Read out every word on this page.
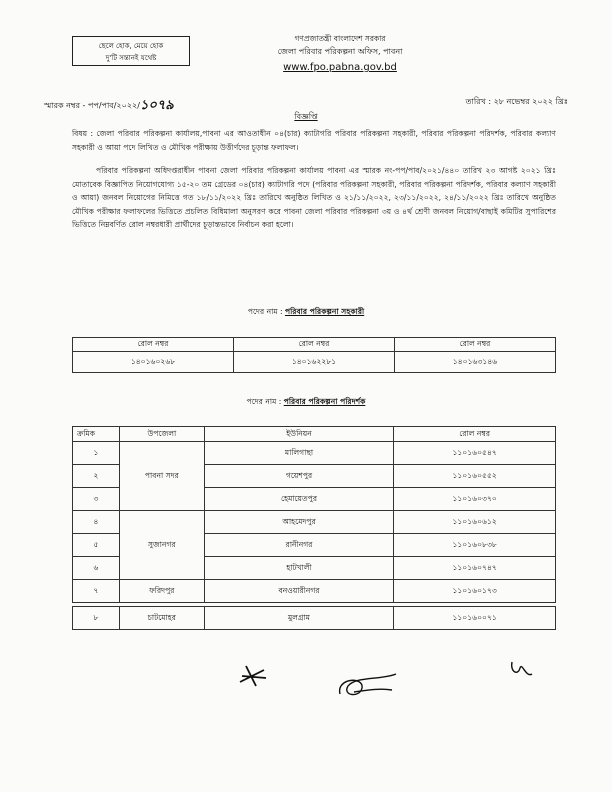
ছেলে হোক, মেয়ে হোক
দু'টি সন্তানই যথেষ্ট
গণপ্রজাতন্ত্রী বাংলাদেশ সরকার
জেলা পরিবার পরিকল্পনা অফিস, পাবনা
www.fpo.pabna.gov.bd
স্মারক নম্বর - পপ/পাব/২০২২/১০৭৯	তারিখ : ২৮ নভেম্বর ২০২২ খ্রিঃ
বিজ্ঞপ্তি
বিষয় : জেলা পরিবার পরিকল্পনা কার্যালয়,পাবনা এর আওতাধীন ০৪(চার) ক্যাটাগরি পরিবার পরিকল্পনা সহকারী, পরিবার পরিকল্পনা পরিদর্শক, পরিবার কল্যাণ সহকারী ও আয়া পদে লিখিত ও মৌখিক পরীক্ষায় উত্তীর্ণদের চূড়ান্ত ফলাফল।
পরিবার পরিকল্পনা অধিদপ্তরাধীন পাবনা জেলা পরিবার পরিকল্পনা কার্যালয় পাবনা এর স্মারক নং-পপ/পাব/২০২১/৪৪০ তারিখ ২৩ আগষ্ট ২০২১ খ্রিঃ মোতাবেক বিজ্ঞাপিত নিয়োগযোগ্য ১৫-২০ তম গ্রেডের ০৪(চার) ক্যাটাগরি পদে (পরিবার পরিকল্পনা সহকারী, পরিবার পরিকল্পনা পরিদর্শক, পরিবার কল্যাণ সহকারী ও আয়া) জনবল নিয়োগের নিমিত্তে গত ১৮/১১/২০২২ খ্রিঃ তারিখে অনুষ্ঠিত লিখিত ও ২১/১১/২০২২, ২৩/১১/২০২২, ২৪/১১/২০২২ খ্রিঃ তারিখে অনুষ্ঠিত মৌখিক পরীক্ষার ফলাফলের ভিত্তিতে প্রচলিত বিধিমালা অনুসরণ করে পাবনা জেলা পরিবার পরিকল্পনা ৩য় ও ৪র্থ শ্রেণী জনবল নিয়োগ/বাছাই কমিটির সুপারিশের ভিত্তিতে নিম্নবর্ণিত রোল নম্বরধারী প্রার্থীদের চূড়ান্তভাবে নির্বাচন করা হলো।
পদের নাম : পরিবার পরিকল্পনা সহকারী
রোল নম্বর	রোল নম্বর	রোল নম্বর
১৪০১৬০২৬৮	১৪০১৬২২৮১	১৪০১৬৩১৪৬
পদের নাম : পরিবার পরিকল্পনা পরিদর্শক
ক্রমিক	উপজেলা	ইউনিয়ন	রোল নম্বর
১	পাবনা সদর	মালিগাছা	১১০১৬০৫৪৭
২		গয়েশপুর	১১০১৬০৫৫২
৩		হেমায়েতপুর	১১০১৬০৩৭০
৪	সুজানগর	আহমেদপুর	১১০১৬০৬১২
৫		রানীনগর	১১০১৬০৮৩৮
৬		হাটখালী	১১০১৬০৭৪৭
৭	ফরিদপুর	বনওয়ারীনগর	১১০১৬০১৭৩

৮	চাটমোহর	মুলগ্রাম	১১০১৬০০৭১
